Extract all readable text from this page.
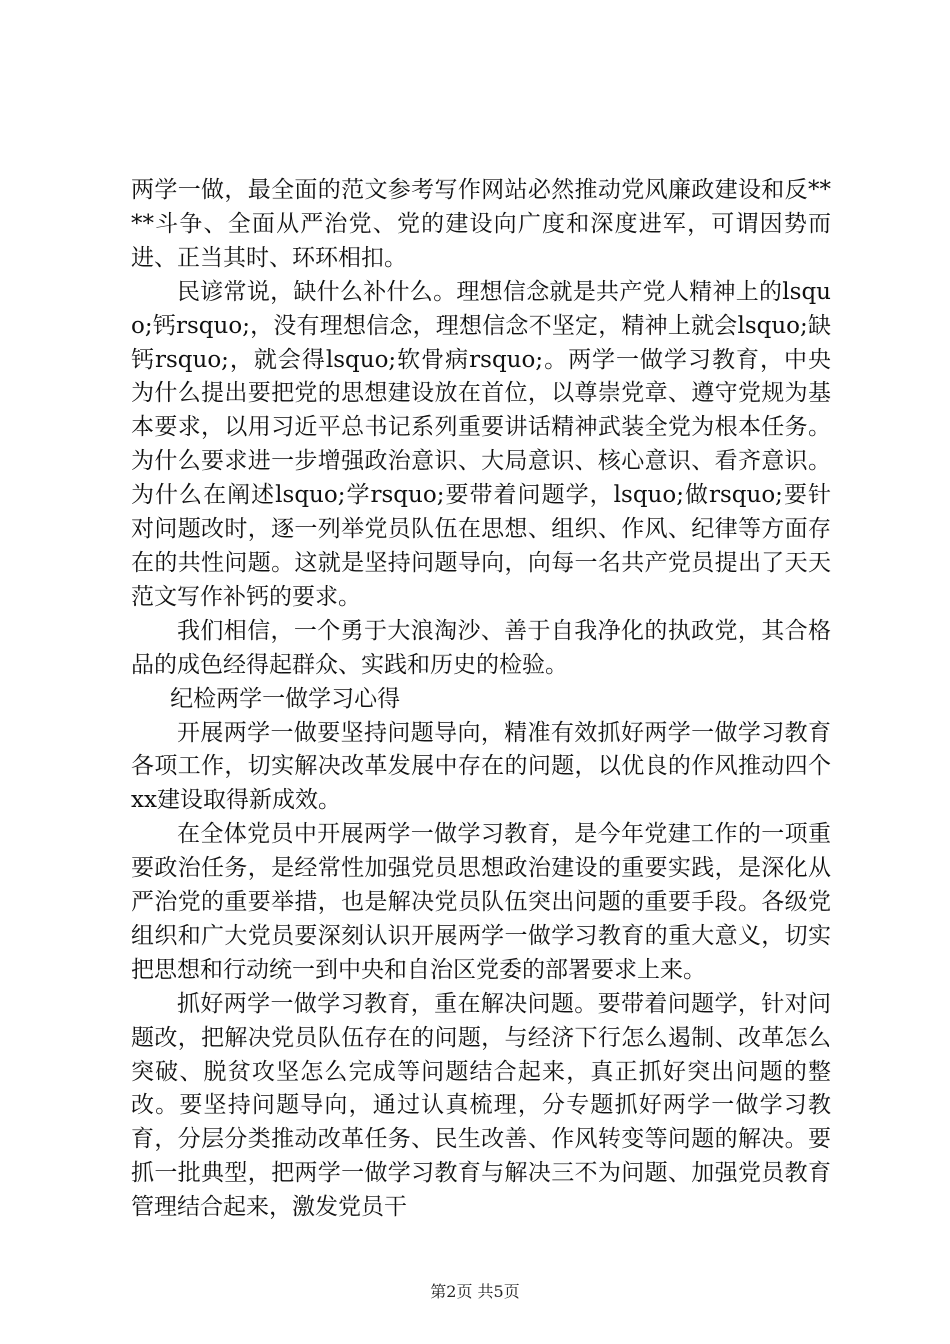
两学一做，最全面的范文参考写作网站必然推动党风廉政建设和反****斗争、全面从严治党、党的建设向广度和深度进军，可谓因势而进、正当其时、环环相扣。

民谚常说，缺什么补什么。理想信念就是共产党人精神上的lsquo;钙rsquo;，没有理想信念，理想信念不坚定，精神上就会lsquo;缺钙rsquo;，就会得lsquo;软骨病rsquo;。两学一做学习教育，中央为什么提出要把党的思想建设放在首位，以尊崇党章、遵守党规为基本要求，以用习近平总书记系列重要讲话精神武装全党为根本任务。为什么要求进一步增强政治意识、大局意识、核心意识、看齐意识。为什么在阐述lsquo;学rsquo;要带着问题学，lsquo;做rsquo;要针对问题改时，逐一列举党员队伍在思想、组织、作风、纪律等方面存在的共性问题。这就是坚持问题导向，向每一名共产党员提出了天天范文写作补钙的要求。

我们相信，一个勇于大浪淘沙、善于自我净化的执政党，其合格品的成色经得起群众、实践和历史的检验。

纪检两学一做学习心得

开展两学一做要坚持问题导向，精准有效抓好两学一做学习教育各项工作，切实解决改革发展中存在的问题，以优良的作风推动四个xx建设取得新成效。

在全体党员中开展两学一做学习教育，是今年党建工作的一项重要政治任务，是经常性加强党员思想政治建设的重要实践，是深化从严治党的重要举措，也是解决党员队伍突出问题的重要手段。各级党组织和广大党员要深刻认识开展两学一做学习教育的重大意义，切实把思想和行动统一到中央和自治区党委的部署要求上来。

抓好两学一做学习教育，重在解决问题。要带着问题学，针对问题改，把解决党员队伍存在的问题，与经济下行怎么遏制、改革怎么突破、脱贫攻坚怎么完成等问题结合起来，真正抓好突出问题的整改。要坚持问题导向，通过认真梳理，分专题抓好两学一做学习教育，分层分类推动改革任务、民生改善、作风转变等问题的解决。要抓一批典型，把两学一做学习教育与解决三不为问题、加强党员教育管理结合起来，激发党员干

第2页 共5页
